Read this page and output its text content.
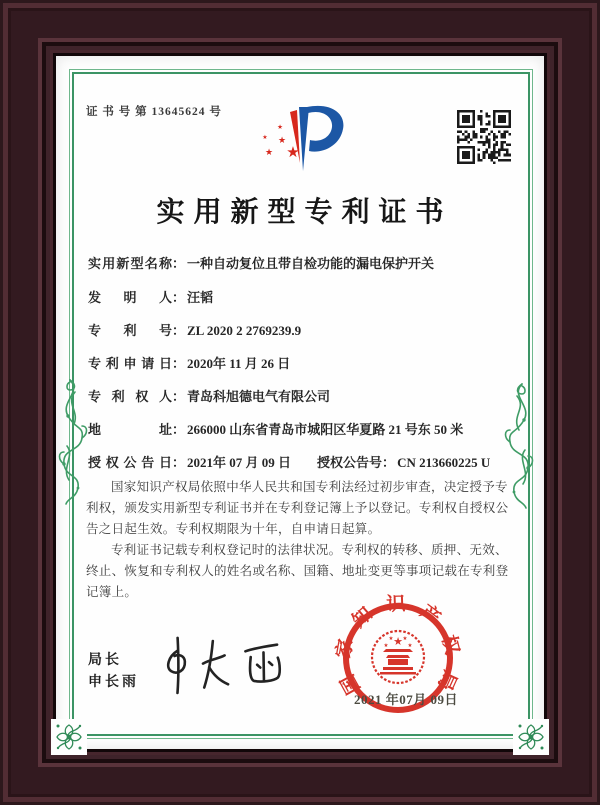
证 书 号 第 13645624 号
★
★
★
★
★
实用新型专利证书
实用新型名称： 一种自动复位且带自检功能的漏电保护开关
发明人： 汪韬
专利号： ZL 2020 2 2769239.9
专利申请日： 2020年 11 月 26 日
专利权人： 青岛科旭德电气有限公司
地址： 266000 山东省青岛市城阳区华夏路 21 号东 50 米
授权公告日： 2021年 07 月 09 日 授权公告号： CN 213660225 U

国家知识产权局依照中华人民共和国专利法经过初步审查，决定授予专利权，颁发实用新型专利证书并在专利登记簿上予以登记。专利权自授权公告之日起生效。专利权期限为十年，自申请日起算。

专利证书记载专利权登记时的法律状况。专利权的转移、质押、无效、终止、恢复和专利权人的姓名或名称、国籍、地址变更等事项记载在专利登记簿上。

局长
申长雨	国家知识产权局
★
★
★ ★
★
2021 年07月 09日
